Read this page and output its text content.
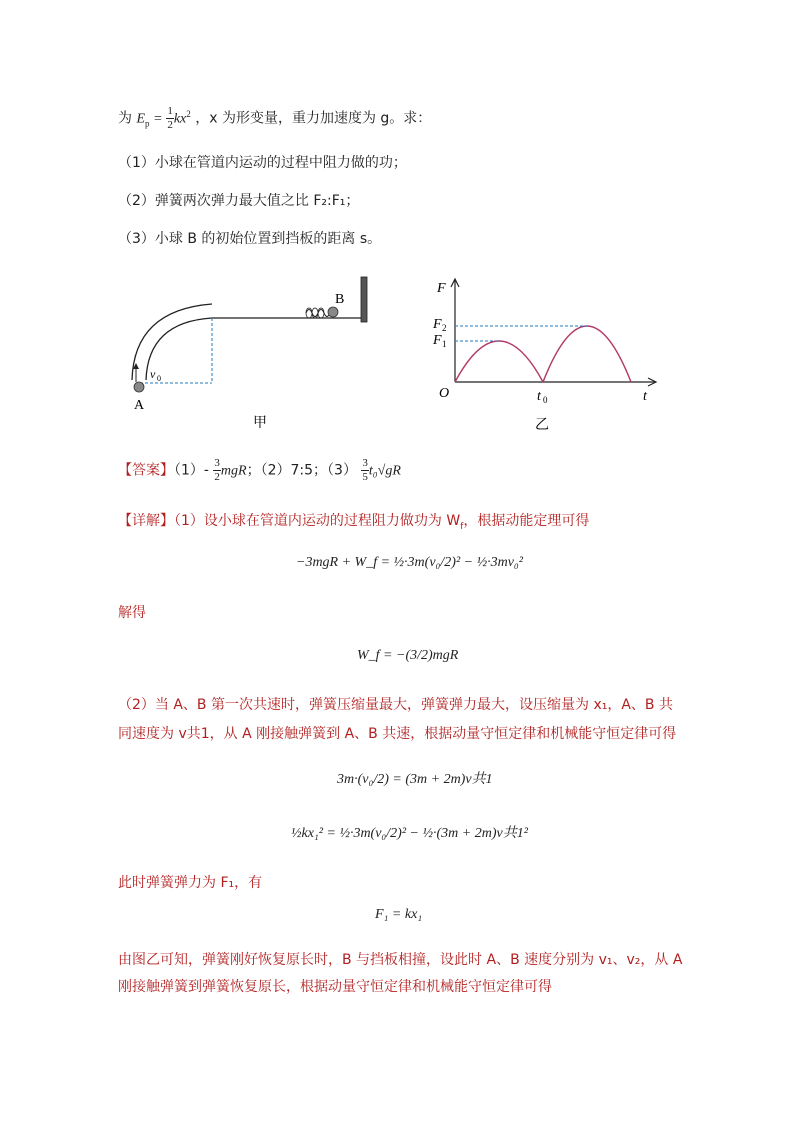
为 $E_p = \frac{1}{2} kx^2$ ，x 为形变量，重力加速度为 g。求：
（1）小球在管道内运动的过程中阻力做的功；
（2）弹簧两次弹力最大值之比 F₂:F₁；
（3）小球 B 的初始位置到挡板的距离 s。
A
B
v 0
甲
F
F 2
F 1
O	t 0	t
乙
【答案】$(1)- \frac{3}{2}$ mgR；（2）7:5；$(3) \frac{3}{5} t_0√gR$
【详解】（1）设小球在管道内运动的过程阻力做功为 $W_f$，根据动能定理可得
−3mgR + W_f = ½·3m(v₀/2)² − ½·3mv₀²
解得
W_f = −(3/2)mgR
（2）当 A、B 第一次共速时，弹簧压缩量最大，弹簧弹力最大，设压缩量为 x₁，A、B 共
同速度为 v共1，从 A 刚接触弹簧到 A、B 共速，根据动量守恒定律和机械能守恒定律可得
3m·(v₀/2) = (3m + 2m)v共1
½kx₁² = ½·3m(v₀/2)² − ½·(3m + 2m)v共1²
此时弹簧弹力为 F₁，有
F₁ = kx₁
由图乙可知，弹簧刚好恢复原长时，B 与挡板相撞，设此时 A、B 速度分别为 v₁、v₂，从 A
刚接触弹簧到弹簧恢复原长，根据动量守恒定律和机械能守恒定律可得
